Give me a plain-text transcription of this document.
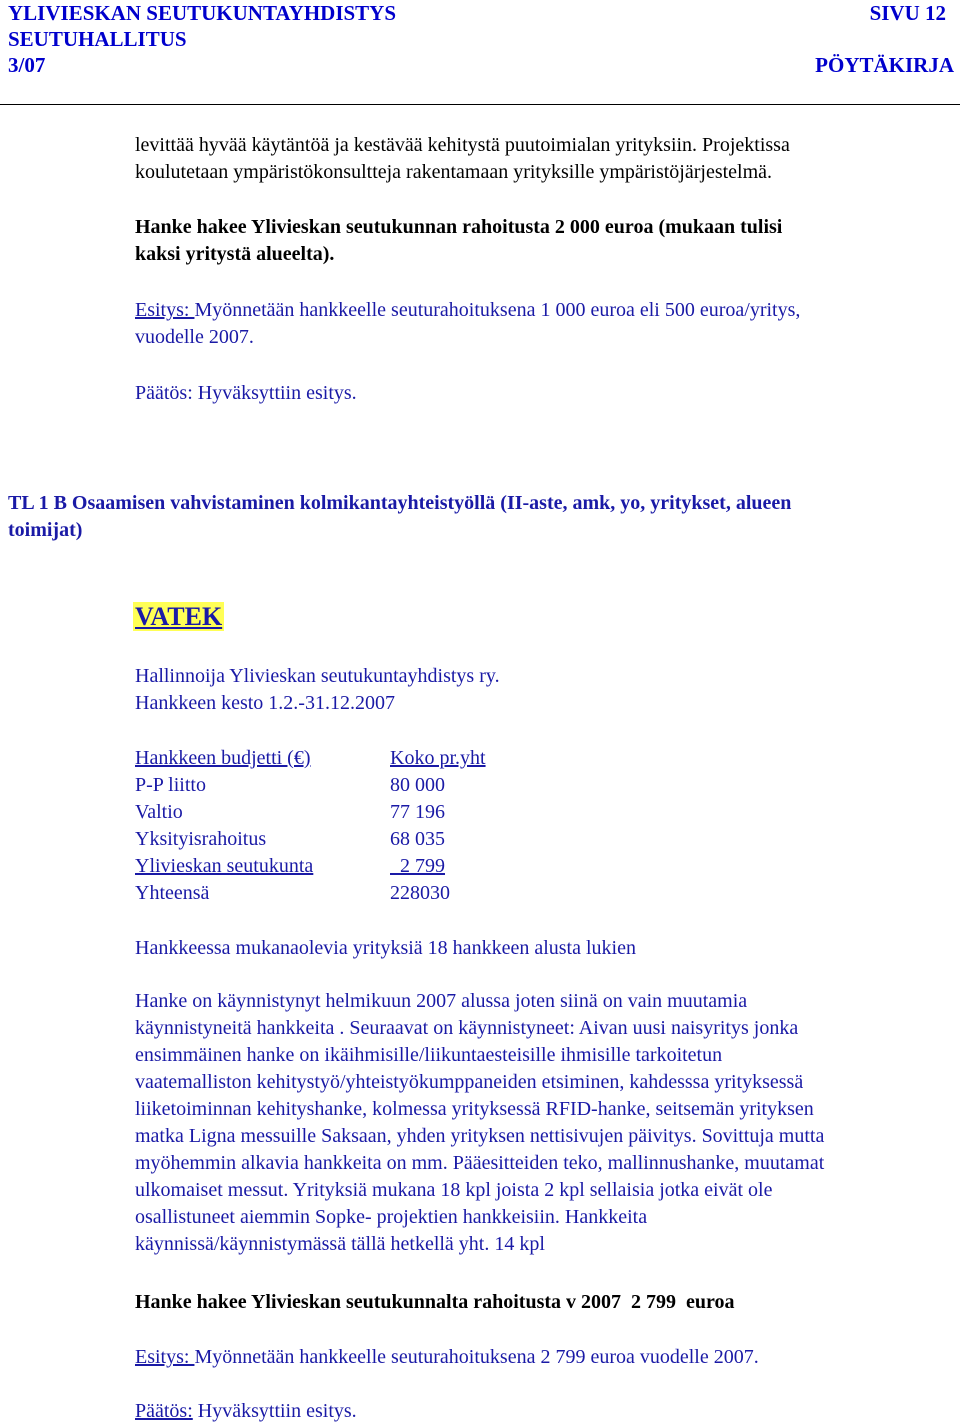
YLIVIESKAN SEUTUKUNTAYHDISTYS	SIVU 12
SEUTUHALLITUS
3/07	PÖYTÄKIRJA

levittää hyvää käytäntöä ja kestävää kehitystä puutoimialan yrityksiin. Projektissa

koulutetaan ympäristökonsultteja rakentamaan yrityksille ympäristöjärjestelmä.

Hanke hakee Ylivieskan seutukunnan rahoitusta 2 000 euroa (mukaan tulisi

kaksi yritystä alueelta).

Esitys: Myönnetään hankkeelle seuturahoituksena 1 000 euroa eli 500 euroa/yritys,

vuodelle 2007.

Päätös: Hyväksyttiin esitys.

TL 1 B Osaamisen vahvistaminen kolmikantayhteistyöllä (II-aste, amk, yo, yritykset, alueen

toimijat)

VATEK

Hallinnoija Ylivieskan seutukuntayhdistys ry.

Hankkeen kesto 1.2.-31.12.2007

Hankkeen budjetti (€)	Koko pr.yht
P-P liitto	80 000
Valtio	77 196
Yksityisrahoitus	68 035
Ylivieskan seutukunta	2 799
Yhteensä	228030

Hankkeessa mukanaolevia yrityksiä 18 hankkeen alusta lukien

Hanke on käynnistynyt helmikuun 2007 alussa joten siinä on vain muutamia
käynnistyneitä hankkeita . Seuraavat on käynnistyneet: Aivan uusi naisyritys jonka
ensimmäinen hanke on ikäihmisille/liikuntaesteisille ihmisille tarkoitetun
vaatemalliston kehitystyö/yhteistyökumppaneiden etsiminen, kahdesssa yrityksessä
liiketoiminnan kehityshanke, kolmessa yrityksessä RFID-hanke, seitsemän yrityksen
matka Ligna messuille Saksaan, yhden yrityksen nettisivujen päivitys. Sovittuja mutta
myöhemmin alkavia hankkeita on mm. Pääesitteiden teko, mallinnushanke, muutamat
ulkomaiset messut. Yrityksiä mukana 18 kpl joista 2 kpl sellaisia jotka eivät ole
osallistuneet aiemmin Sopke- projektien hankkeisiin. Hankkeita
käynnissä/käynnistymässä tällä hetkellä yht. 14 kpl

Hanke hakee Ylivieskan seutukunnalta rahoitusta v 2007  2 799  euroa

Esitys: Myönnetään hankkeelle seuturahoituksena 2 799 euroa vuodelle 2007.

Päätös: Hyväksyttiin esitys.
